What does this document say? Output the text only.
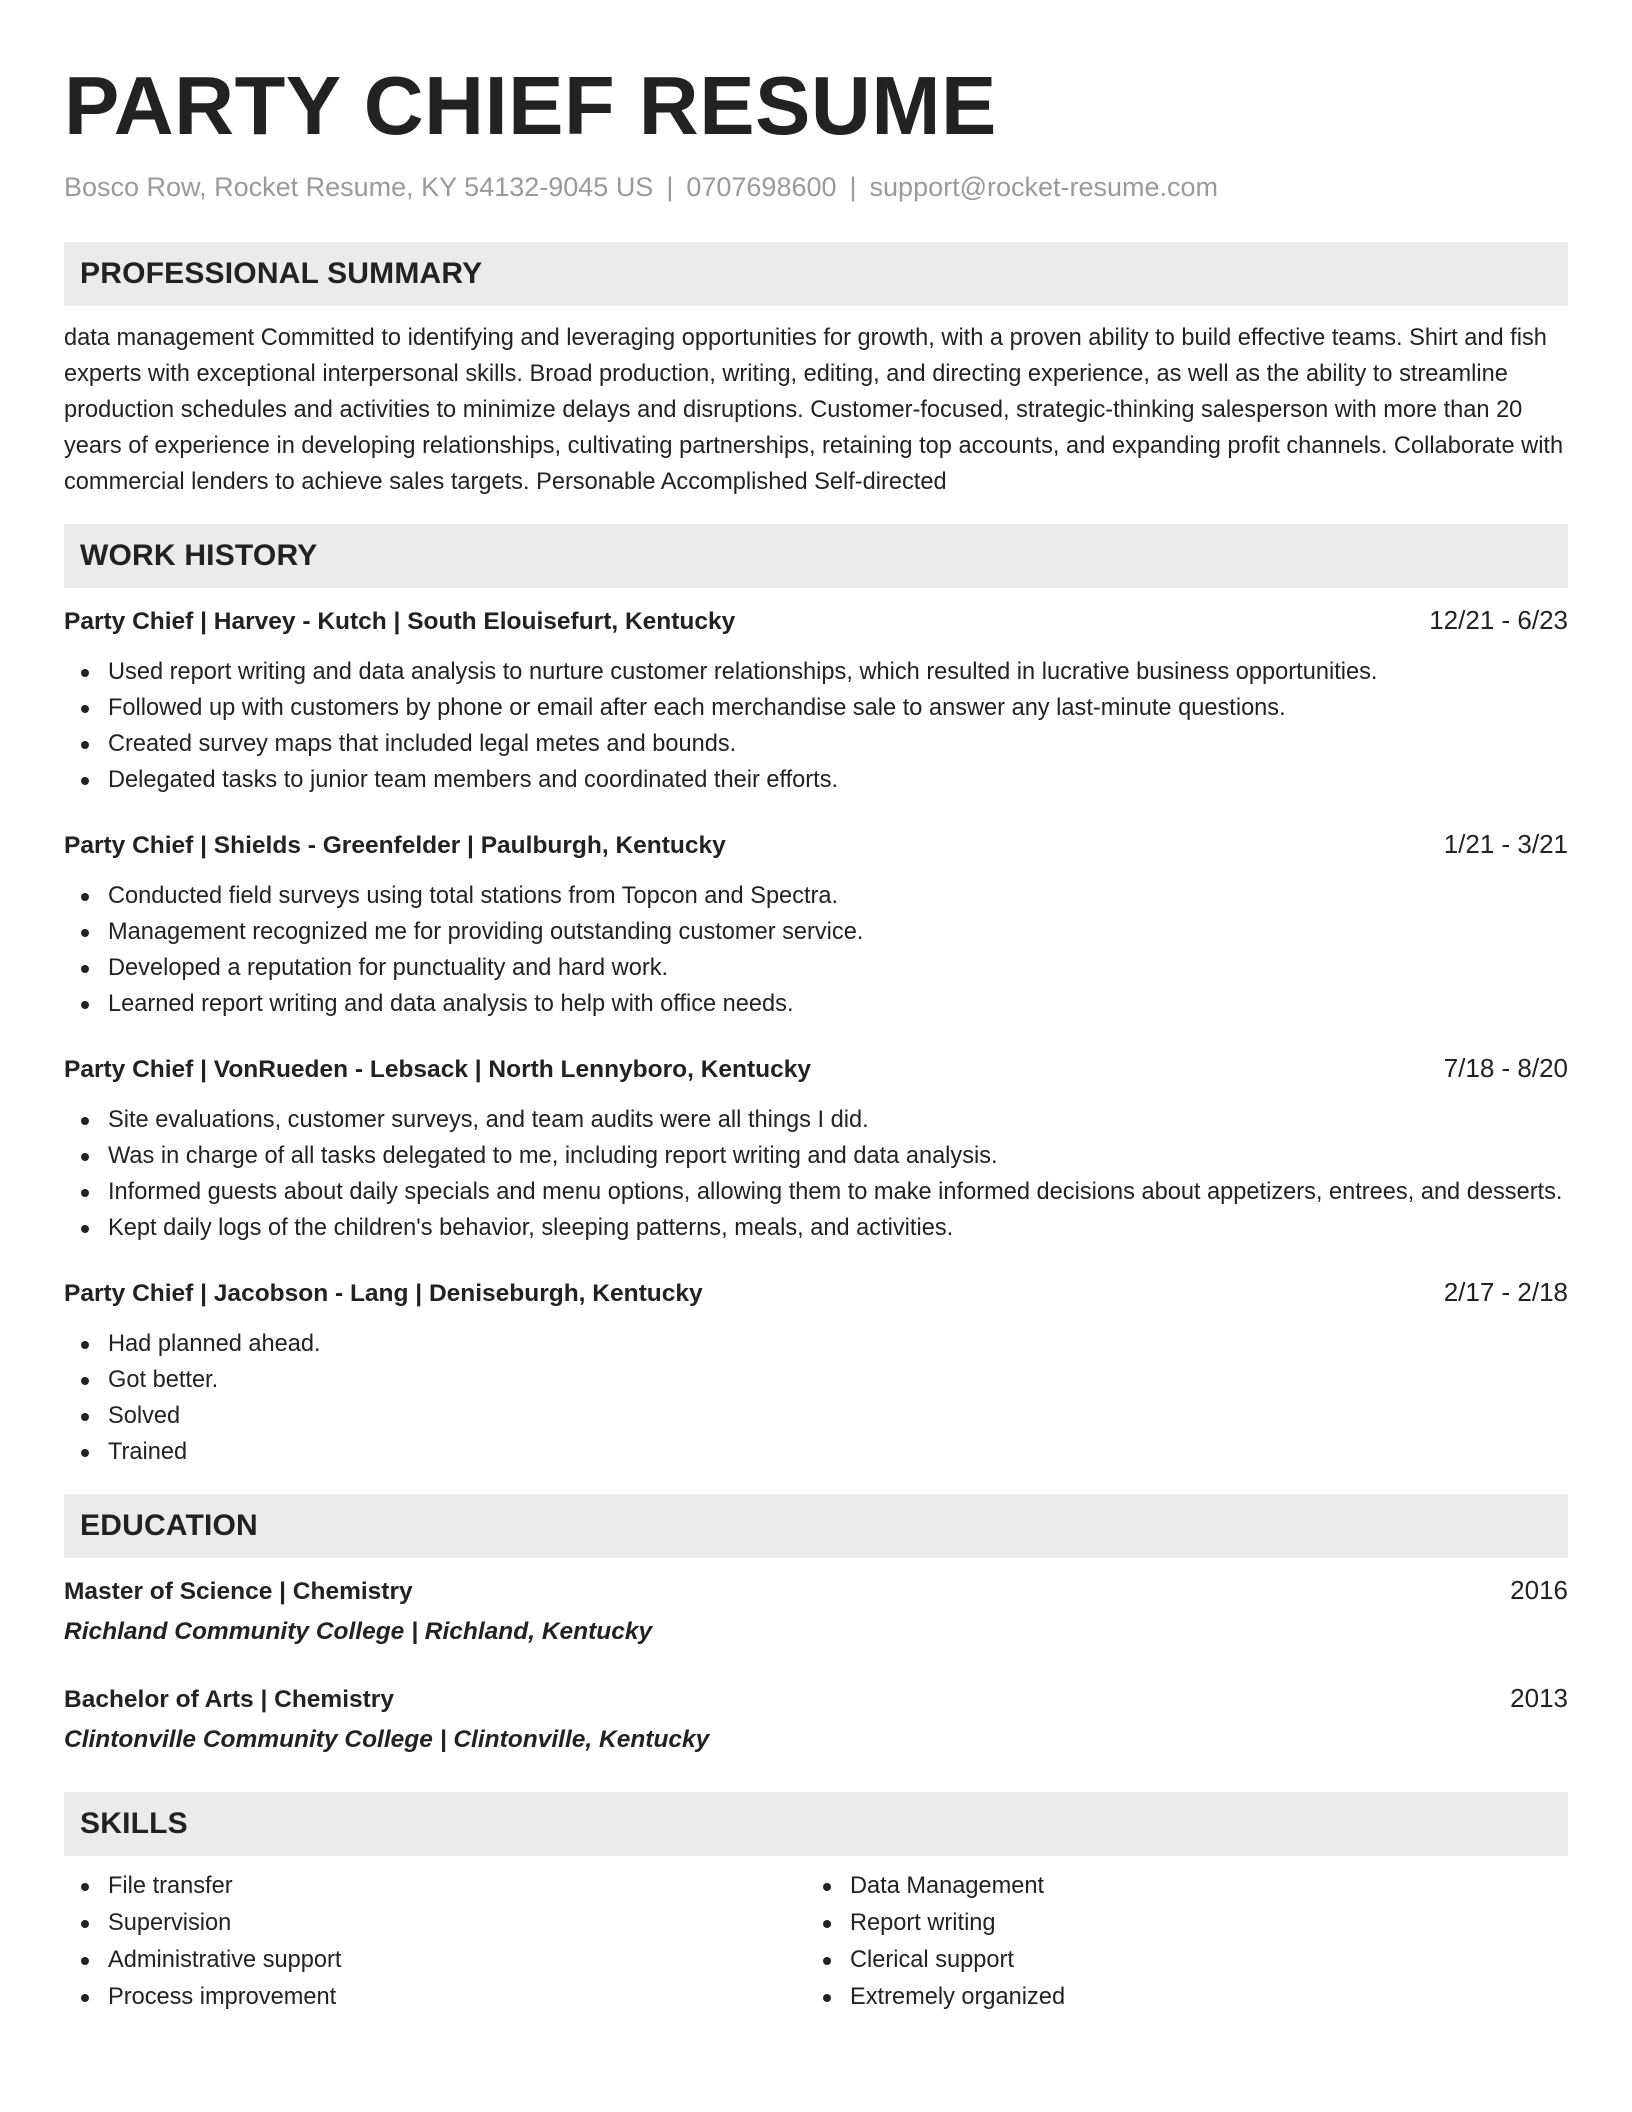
PARTY CHIEF RESUME
Bosco Row, Rocket Resume, KY 54132-9045 US | 0707698600 | support@rocket-resume.com
PROFESSIONAL SUMMARY
data management Committed to identifying and leveraging opportunities for growth, with a proven ability to build effective teams. Shirt and fish experts with exceptional interpersonal skills. Broad production, writing, editing, and directing experience, as well as the ability to streamline production schedules and activities to minimize delays and disruptions. Customer-focused, strategic-thinking salesperson with more than 20 years of experience in developing relationships, cultivating partnerships, retaining top accounts, and expanding profit channels. Collaborate with commercial lenders to achieve sales targets. Personable Accomplished Self-directed
WORK HISTORY
Party Chief | Harvey - Kutch | South Elouisefurt, Kentucky	12/21 - 6/23
Used report writing and data analysis to nurture customer relationships, which resulted in lucrative business opportunities.
Followed up with customers by phone or email after each merchandise sale to answer any last-minute questions.
Created survey maps that included legal metes and bounds.
Delegated tasks to junior team members and coordinated their efforts.
Party Chief | Shields - Greenfelder | Paulburgh, Kentucky	1/21 - 3/21
Conducted field surveys using total stations from Topcon and Spectra.
Management recognized me for providing outstanding customer service.
Developed a reputation for punctuality and hard work.
Learned report writing and data analysis to help with office needs.
Party Chief | VonRueden - Lebsack | North Lennyboro, Kentucky	7/18 - 8/20
Site evaluations, customer surveys, and team audits were all things I did.
Was in charge of all tasks delegated to me, including report writing and data analysis.
Informed guests about daily specials and menu options, allowing them to make informed decisions about appetizers, entrees, and desserts.
Kept daily logs of the children's behavior, sleeping patterns, meals, and activities.
Party Chief | Jacobson - Lang | Deniseburgh, Kentucky	2/17 - 2/18
Had planned ahead.
Got better.
Solved
Trained
EDUCATION
Master of Science | Chemistry	2016
Richland Community College | Richland, Kentucky
Bachelor of Arts | Chemistry	2013
Clintonville Community College | Clintonville, Kentucky
SKILLS
File transfer
Supervision
Administrative support
Process improvement
Data Management
Report writing
Clerical support
Extremely organized
